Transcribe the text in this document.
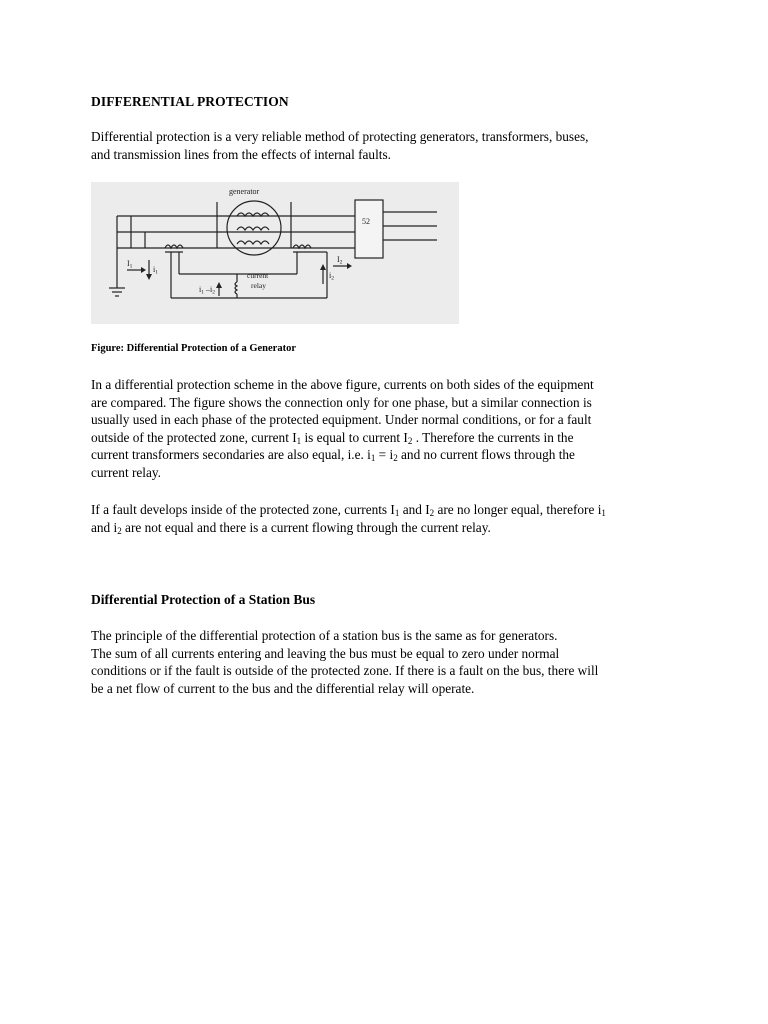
DIFFERENTIAL PROTECTION

Differential protection is a very reliable method of protecting generators, transformers, buses,
and transmission lines from the effects of internal faults.

52
generator
current
relay
I1
I2
i1	i2
i1 –i2
Figure: Differential Protection of a Generator

In a differential protection scheme in the above figure, currents on both sides of the equipment
are compared. The figure shows the connection only for one phase, but a similar connection is
usually used in each phase of the protected equipment. Under normal conditions, or for a fault
outside of the protected zone, current $I_1$ is equal to current $I_2$ . Therefore the currents in the
current transformers secondaries are also equal, i.e. $i_1 = i_2$ and no current flows through the
current relay.

If a fault develops inside of the protected zone, currents $I_1$ and $I_2$ are no longer equal, therefore $i_1$
and $i_2$ are not equal and there is a current flowing through the current relay.

Differential Protection of a Station Bus

The principle of the differential protection of a station bus is the same as for generators.
The sum of all currents entering and leaving the bus must be equal to zero under normal
conditions or if the fault is outside of the protected zone. If there is a fault on the bus, there will
be a net flow of current to the bus and the differential relay will operate.
